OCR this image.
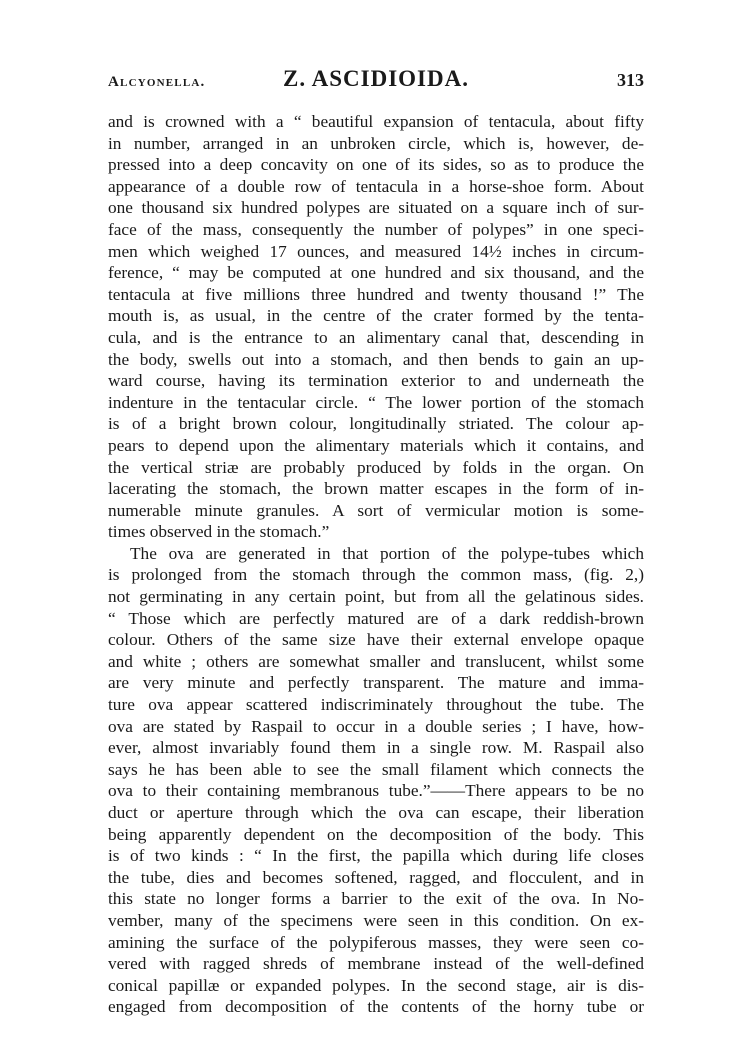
Alcyonella.	Z. ASCIDIOIDA.	313
and is crowned with a “ beautiful expansion of tentacula, about fifty
in number, arranged in an unbroken circle, which is, however, de-
pressed into a deep concavity on one of its sides, so as to produce the
appearance of a double row of tentacula in a horse-shoe form. About
one thousand six hundred polypes are situated on a square inch of sur-
face of the mass, consequently the number of polypes” in one speci-
men which weighed 17 ounces, and measured 14½ inches in circum-
ference, “ may be computed at one hundred and six thousand, and the
tentacula at five millions three hundred and twenty thousand !” The
mouth is, as usual, in the centre of the crater formed by the tenta-
cula, and is the entrance to an alimentary canal that, descending in
the body, swells out into a stomach, and then bends to gain an up-
ward course, having its termination exterior to and underneath the
indenture in the tentacular circle. “ The lower portion of the stomach
is of a bright brown colour, longitudinally striated. The colour ap-
pears to depend upon the alimentary materials which it contains, and
the vertical striæ are probably produced by folds in the organ. On
lacerating the stomach, the brown matter escapes in the form of in-
numerable minute granules. A sort of vermicular motion is some-
times observed in the stomach.”
The ova are generated in that portion of the polype-tubes which
is prolonged from the stomach through the common mass, (fig. 2,)
not germinating in any certain point, but from all the gelatinous sides.
“ Those which are perfectly matured are of a dark reddish-brown
colour. Others of the same size have their external envelope opaque
and white ; others are somewhat smaller and translucent, whilst some
are very minute and perfectly transparent. The mature and imma-
ture ova appear scattered indiscriminately throughout the tube. The
ova are stated by Raspail to occur in a double series ; I have, how-
ever, almost invariably found them in a single row. M. Raspail also
says he has been able to see the small filament which connects the
ova to their containing membranous tube.”——There appears to be no
duct or aperture through which the ova can escape, their liberation
being apparently dependent on the decomposition of the body. This
is of two kinds : “ In the first, the papilla which during life closes
the tube, dies and becomes softened, ragged, and flocculent, and in
this state no longer forms a barrier to the exit of the ova. In No-
vember, many of the specimens were seen in this condition. On ex-
amining the surface of the polypiferous masses, they were seen co-
vered with ragged shreds of membrane instead of the well-defined
conical papillæ or expanded polypes. In the second stage, air is dis-
engaged from decomposition of the contents of the horny tube or
